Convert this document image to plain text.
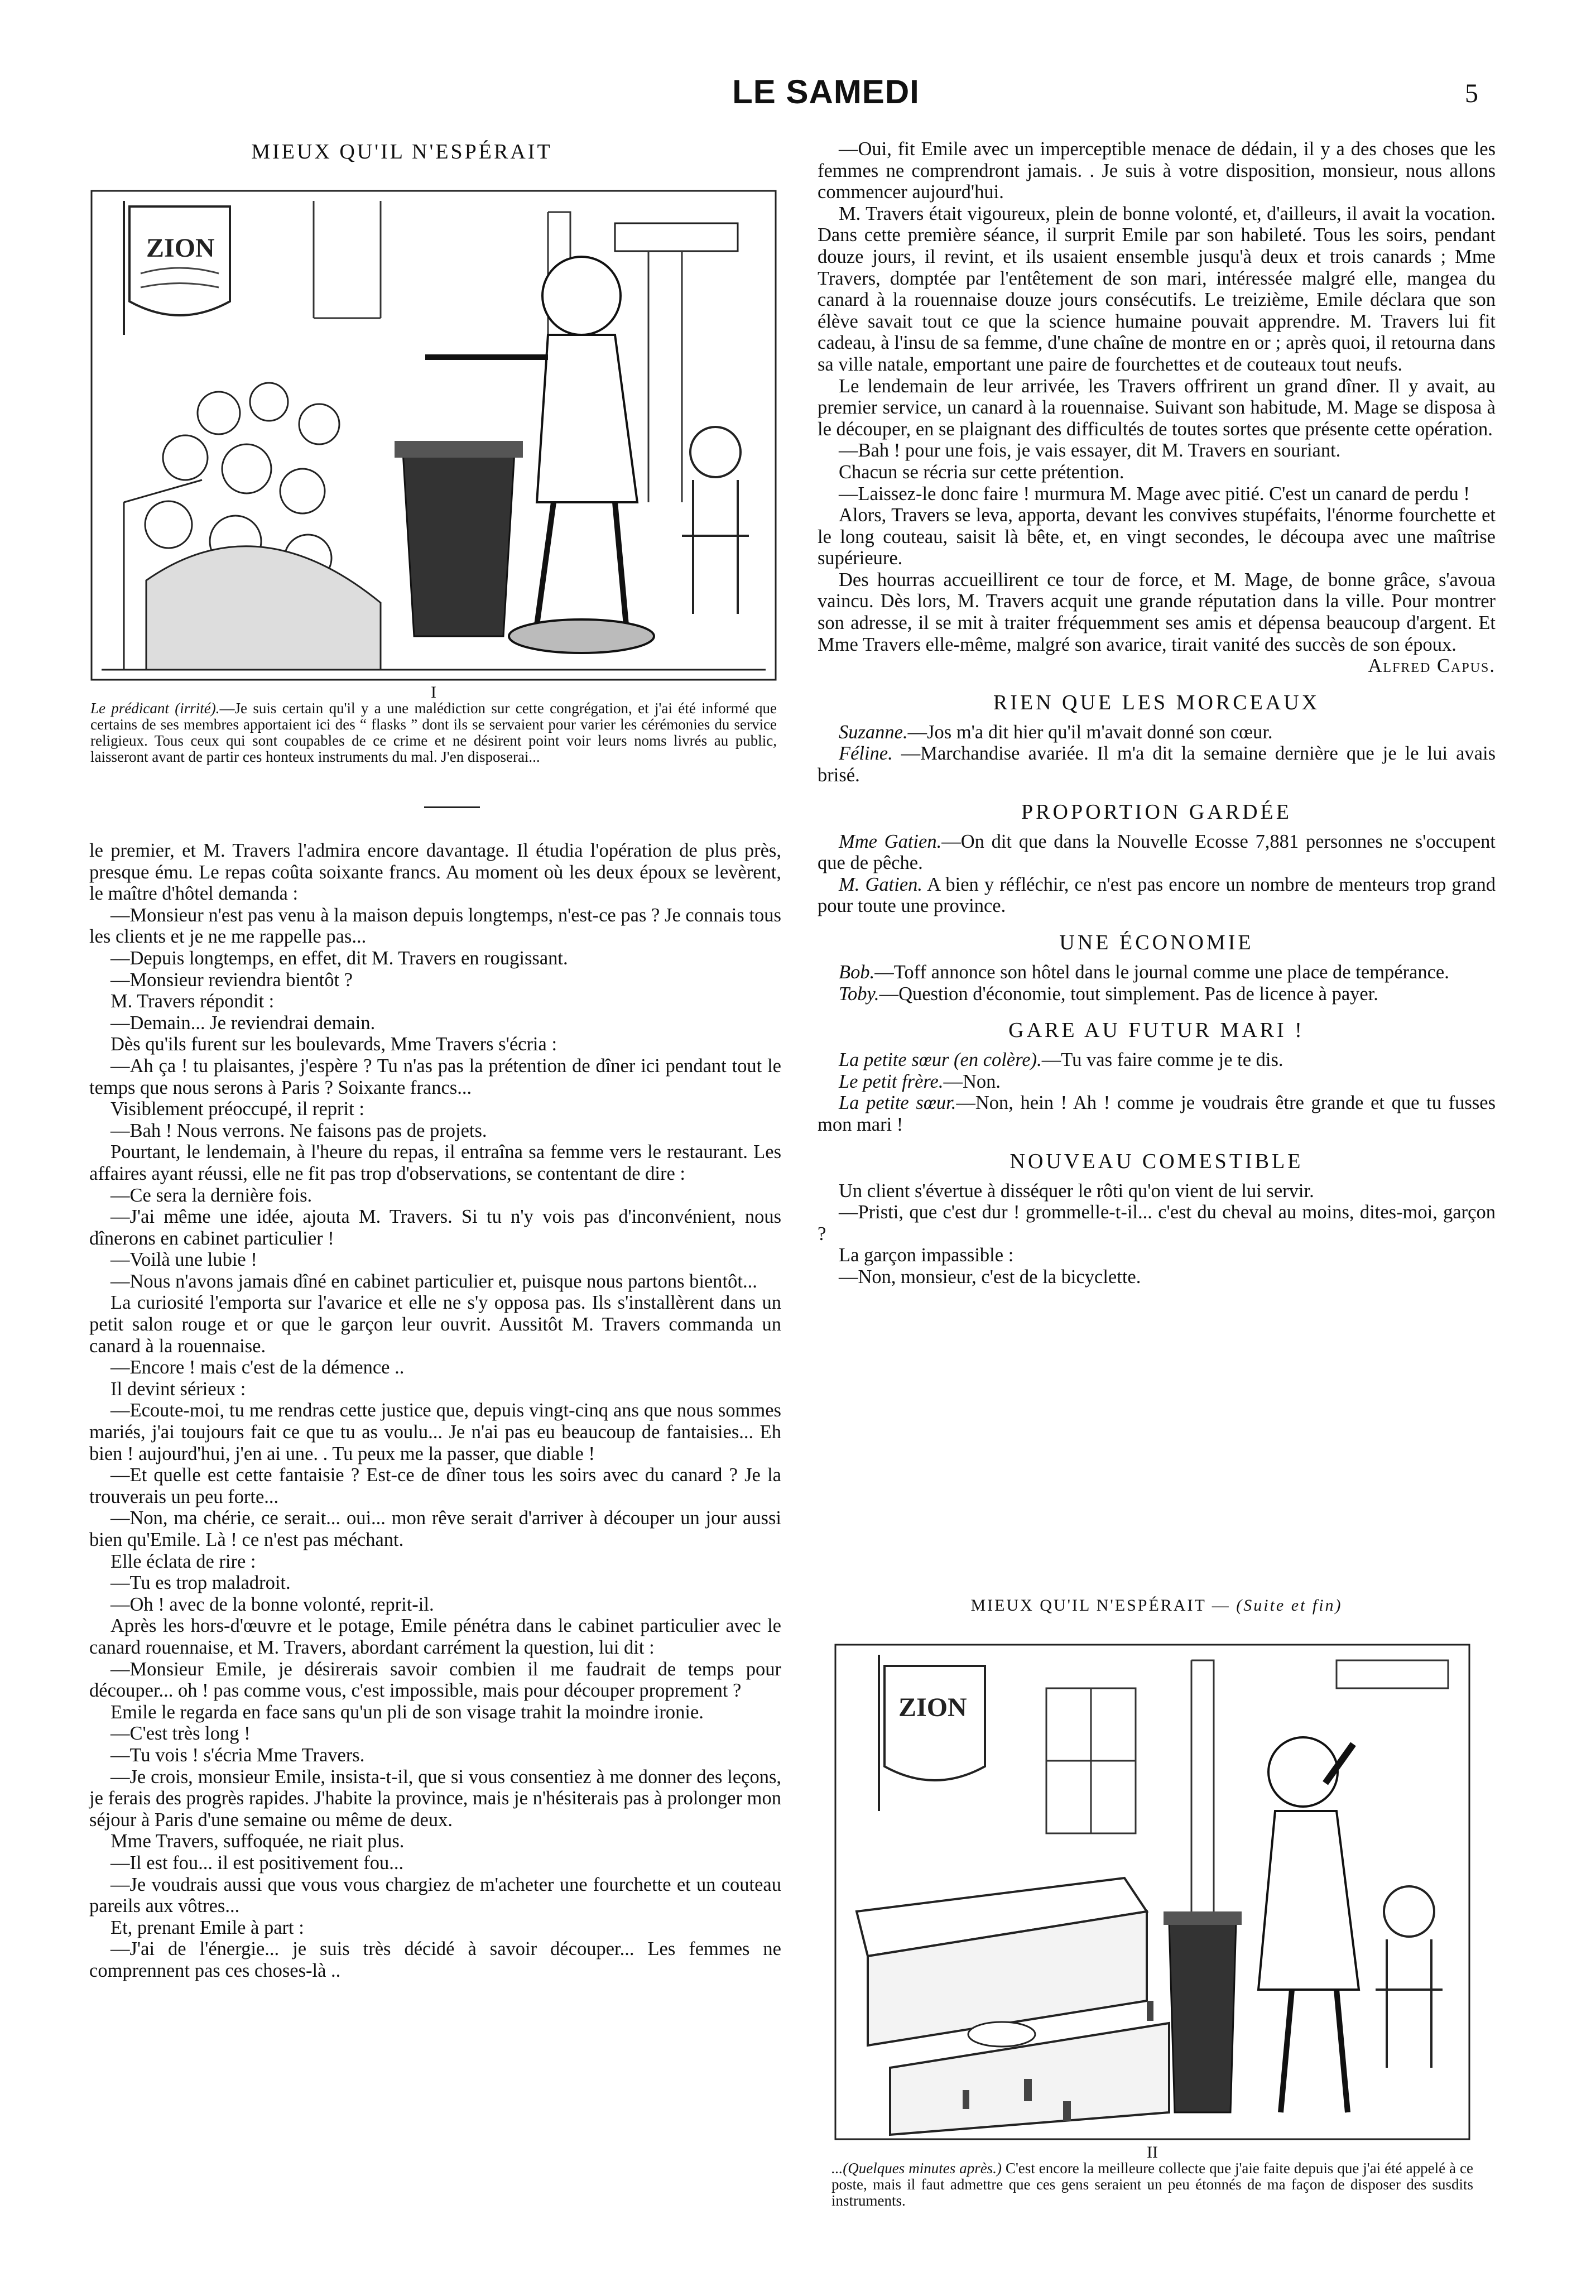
LE SAMEDI	5
MIEUX QU'IL N'ESPÉRAIT
ZION
I
Le prédicant (irrité).—Je suis certain qu'il y a une malédiction sur cette congrégation, et j'ai été informé que certains de ses membres apportaient ici des “ flasks ” dont ils se servaient pour varier les cérémonies du service religieux. Tous ceux qui sont coupables de ce crime et ne désirent point voir leurs noms livrés au public, laisseront avant de partir ces honteux instruments du mal. J'en disposerai...

le premier, et M. Travers l'admira encore davantage. Il étudia l'opération de plus près, presque ému. Le repas coûta soixante francs. Au moment où les deux époux se levèrent, le maître d'hôtel demanda :

—Monsieur n'est pas venu à la maison depuis longtemps, n'est-ce pas ? Je connais tous les clients et je ne me rappelle pas...

—Depuis longtemps, en effet, dit M. Travers en rougissant.

—Monsieur reviendra bientôt ?

M. Travers répondit :

—Demain... Je reviendrai demain.

Dès qu'ils furent sur les boulevards, Mme Travers s'écria :

—Ah ça ! tu plaisantes, j'espère ? Tu n'as pas la prétention de dîner ici pendant tout le temps que nous serons à Paris ? Soixante francs...

Visiblement préoccupé, il reprit :

—Bah ! Nous verrons. Ne faisons pas de projets.

Pourtant, le lendemain, à l'heure du repas, il entraîna sa femme vers le restaurant. Les affaires ayant réussi, elle ne fit pas trop d'observations, se contentant de dire :

—Ce sera la dernière fois.

—J'ai même une idée, ajouta M. Travers. Si tu n'y vois pas d'inconvénient, nous dînerons en cabinet particulier !

—Voilà une lubie !

—Nous n'avons jamais dîné en cabinet particulier et, puisque nous partons bientôt...

La curiosité l'emporta sur l'avarice et elle ne s'y opposa pas. Ils s'installèrent dans un petit salon rouge et or que le garçon leur ouvrit. Aussitôt M. Travers commanda un canard à la rouennaise.

—Encore ! mais c'est de la démence ..

Il devint sérieux :

—Ecoute-moi, tu me rendras cette justice que, depuis vingt-cinq ans que nous sommes mariés, j'ai toujours fait ce que tu as voulu... Je n'ai pas eu beaucoup de fantaisies... Eh bien ! aujourd'hui, j'en ai une. . Tu peux me la passer, que diable !

—Et quelle est cette fantaisie ? Est-ce de dîner tous les soirs avec du canard ? Je la trouverais un peu forte...

—Non, ma chérie, ce serait... oui... mon rêve serait d'arriver à découper un jour aussi bien qu'Emile. Là ! ce n'est pas méchant.

Elle éclata de rire :

—Tu es trop maladroit.

—Oh ! avec de la bonne volonté, reprit-il.

Après les hors-d'œuvre et le potage, Emile pénétra dans le cabinet particulier avec le canard rouennaise, et M. Travers, abordant carrément la question, lui dit :

—Monsieur Emile, je désirerais savoir combien il me faudrait de temps pour découper... oh ! pas comme vous, c'est impossible, mais pour découper proprement ?

Emile le regarda en face sans qu'un pli de son visage trahit la moindre ironie.

—C'est très long !

—Tu vois ! s'écria Mme Travers.

—Je crois, monsieur Emile, insista-t-il, que si vous consentiez à me donner des leçons, je ferais des progrès rapides. J'habite la province, mais je n'hésiterais pas à prolonger mon séjour à Paris d'une semaine ou même de deux.

Mme Travers, suffoquée, ne riait plus.

—Il est fou... il est positivement fou...

—Je voudrais aussi que vous vous chargiez de m'acheter une fourchette et un couteau pareils aux vôtres...

Et, prenant Emile à part :

—J'ai de l'énergie... je suis très décidé à savoir découper... Les femmes ne comprennent pas ces choses-là ..

—Oui, fit Emile avec un imperceptible menace de dédain, il y a des choses que les femmes ne comprendront jamais. . Je suis à votre disposition, monsieur, nous allons commencer aujourd'hui.

M. Travers était vigoureux, plein de bonne volonté, et, d'ailleurs, il avait la vocation. Dans cette première séance, il surprit Emile par son habileté. Tous les soirs, pendant douze jours, il revint, et ils usaient ensemble jusqu'à deux et trois canards ; Mme Travers, domptée par l'entêtement de son mari, intéressée malgré elle, mangea du canard à la rouennaise douze jours consécutifs. Le treizième, Emile déclara que son élève savait tout ce que la science humaine pouvait apprendre. M. Travers lui fit cadeau, à l'insu de sa femme, d'une chaîne de montre en or ; après quoi, il retourna dans sa ville natale, emportant une paire de fourchettes et de couteaux tout neufs.

Le lendemain de leur arrivée, les Travers offrirent un grand dîner. Il y avait, au premier service, un canard à la rouennaise. Suivant son habitude, M. Mage se disposa à le découper, en se plaignant des difficultés de toutes sortes que présente cette opération.

—Bah ! pour une fois, je vais essayer, dit M. Travers en souriant.

Chacun se récria sur cette prétention.

—Laissez-le donc faire ! murmura M. Mage avec pitié. C'est un canard de perdu !

Alors, Travers se leva, apporta, devant les convives stupéfaits, l'énorme fourchette et le long couteau, saisit là bête, et, en vingt secondes, le découpa avec une maîtrise supérieure.

Des hourras accueillirent ce tour de force, et M. Mage, de bonne grâce, s'avoua vaincu. Dès lors, M. Travers acquit une grande réputation dans la ville. Pour montrer son adresse, il se mit à traiter fréquemment ses amis et dépensa beaucoup d'argent. Et Mme Travers elle-même, malgré son avarice, tirait vanité des succès de son époux.

Alfred Capus.

RIEN QUE LES MORCEAUX

Suzanne.—Jos m'a dit hier qu'il m'avait donné son cœur.

Féline. —Marchandise avariée. Il m'a dit la semaine dernière que je le lui avais brisé.

PROPORTION GARDÉE

Mme Gatien.—On dit que dans la Nouvelle Ecosse 7,881 personnes ne s'occupent que de pêche.

M. Gatien. A bien y réfléchir, ce n'est pas encore un nombre de menteurs trop grand pour toute une province.

UNE ÉCONOMIE

Bob.—Toff annonce son hôtel dans le journal comme une place de tempérance.

Toby.—Question d'économie, tout simplement. Pas de licence à payer.

GARE AU FUTUR MARI !

La petite sœur (en colère).—Tu vas faire comme je te dis.

Le petit frère.—Non.

La petite sœur.—Non, hein ! Ah ! comme je voudrais être grande et que tu fusses mon mari !

NOUVEAU COMESTIBLE

Un client s'évertue à disséquer le rôti qu'on vient de lui servir.

—Pristi, que c'est dur ! grommelle-t-il... c'est du cheval au moins, dites-moi, garçon ?

La garçon impassible :

—Non, monsieur, c'est de la bicyclette.

MIEUX QU'IL N'ESPÉRAIT — (Suite et fin)
ZION
II
...(Quelques minutes après.) C'est encore la meilleure collecte que j'aie faite depuis que j'ai été appelé à ce poste, mais il faut admettre que ces gens seraient un peu étonnés de ma façon de disposer des susdits instruments.
